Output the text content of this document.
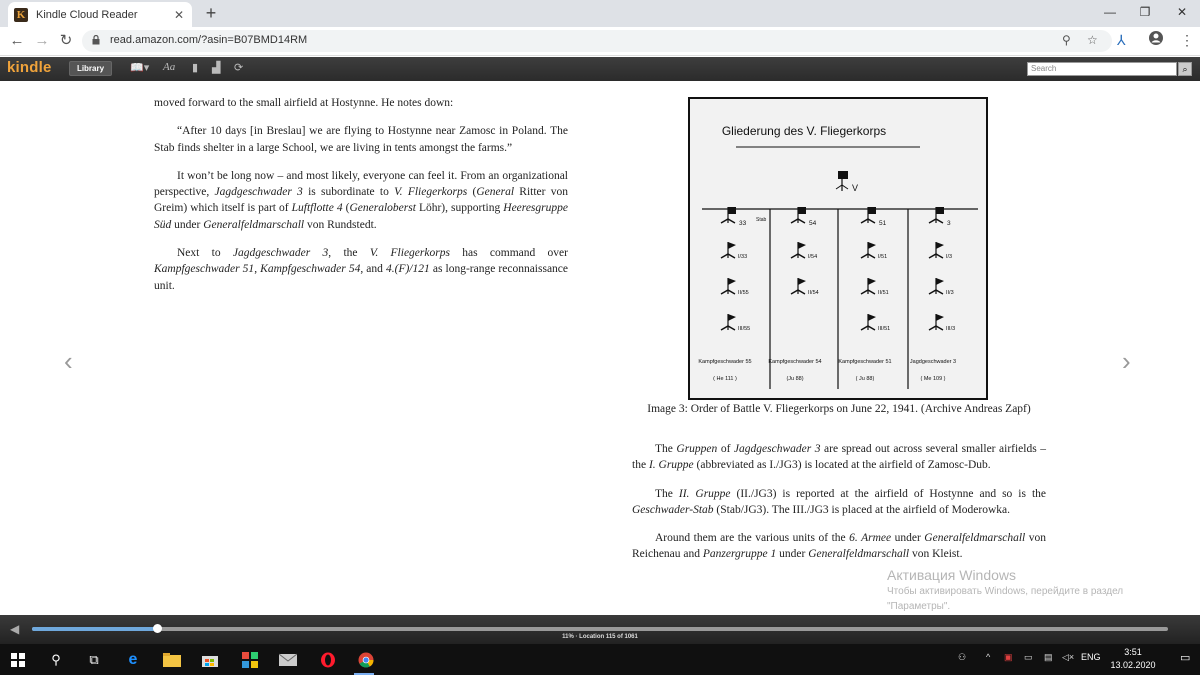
K Kindle Cloud Reader	✕ +	—	❐	✕
← → ↻	read.amazon.com/?asin=B07BMD14RM	⚲ ☆ ⅄	⋮
kindle	Library	📖▾ Aa ▮ ▟ ⟳	Search	⌕
‹	›

moved forward to the small airfield at Hostynne. He notes down:

“After 10 days [in Breslau] we are flying to Hostynne near Zamosc in Poland. The Stab finds shelter in a large School, we are living in tents amongst the farms.”

It won’t be long now – and most likely, everyone can feel it. From an organizational perspective, Jagdgeschwader 3 is subordinate to V. Fliegerkorps (General Ritter von Greim) which itself is part of Luftflotte 4 (Generaloberst Löhr), supporting Heeresgruppe Süd under Generalfeldmarschall von Rundstedt.

Next to Jagdgeschwader 3, the V. Fliegerkorps has command over Kampfgeschwader 51, Kampfgeschwader 54, and 4.(F)/121 as long-range reconnaissance unit.

Gliederung des V. Fliegerkorps
V
33 Stab
I/33
II/55
III/55
Kampfgeschwader 55
( He 111 )
54
I/54
II/54
Kampfgeschwader 54
(Ju 88)
51
I/51
II/51
III/51
Kampfgeschwader 51
( Ju 88)
3
I/3
II/3
III/3
Jagdgeschwader 3
( Me 109 )
Image 3: Order of Battle V. Fliegerkorps on June 22, 1941. (Archive Andreas Zapf)

The Gruppen of Jagdgeschwader 3 are spread out across several smaller airfields – the I. Gruppe (abbreviated as I./JG3) is located at the airfield of Zamosc-Dub.

The II. Gruppe (II./JG3) is reported at the airfield of Hostynne and so is the Geschwader-Stab (Stab/JG3). The III./JG3 is placed at the airfield of Moderowka.

Around them are the various units of the 6. Armee under Generalfeldmarschall von Reichenau and Panzergruppe 1 under Generalfeldmarschall von Kleist.

Активация Windows
Чтобы активировать Windows, перейдите в раздел
"Параметры".
◀
11% · Location 115 of 1061
⚲	⧉	e	⚇ ^ ▣ ▭ ▤ ◁× ENG	3:51
13.02.2020
▭
